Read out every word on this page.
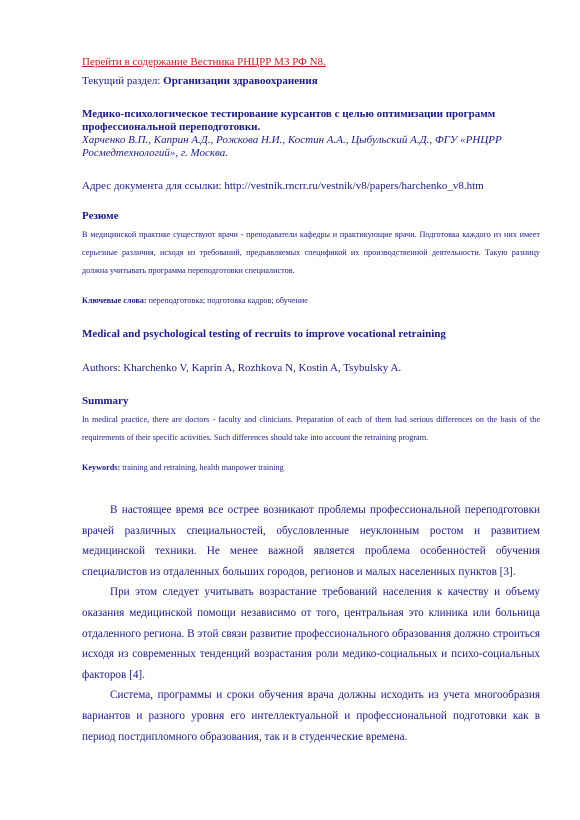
Перейти в содержание Вестника РНЦРР МЗ РФ N8.
Текущий раздел: Организации здравоохранения
Медико-психологическое тестирование курсантов с целью оптимизации программ профессиональной переподготовки.
Харченко В.П., Каприн А.Д., Рожкова Н.И., Костин А.А., Цыбульский А.Д., ФГУ «РНЦРР Росмедтехнологий», г. Москва.
Адрес документа для ссылки: http://vestnik.rncrr.ru/vestnik/v8/papers/harchenko_v8.htm
Резюме
В медицинской практике существуют врачи - преподаватели кафедры и практикующие врачи. Подготовка каждого из них имеет серьезные различия, исходя из требований, предъявляемых спецификой их производственной деятельности. Такую разницу должна учитывать программа переподготовки специалистов.
Ключевые слова: переподготовка; подготовка кадров; обучение
Medical and psychological testing of recruits to improve vocational retraining
Authors: Kharchenko V, Kaprin A, Rozhkova N, Kostin A, Tsybulsky A.
Summary
In medical practice, there are doctors - faculty and clinicians. Preparation of each of them had serious differences on the basis of the requirements of their specific activities. Such differences should take into account the retraining program.
Keywords: training and retraining, health manpower training

В настоящее время все острее возникают проблемы профессиональной переподготовки врачей различных специальностей, обусловленные неуклонным ростом и развитием медицинской техники. Не менее важной является проблема особенностей обучения специалистов из отдаленных больших городов, регионов и малых населенных пунктов [3].

При этом следует учитывать возрастание требований населения к качеству и объему оказания медицинской помощи независимо от того, центральная это клиника или больница отдаленного региона. В этой связи развитие профессионального образования должно строиться исходя из современных тенденций возрастания роли медико-социальных и психо-социальных факторов [4].

Система, программы и сроки обучения врача должны исходить из учета многообразия вариантов и разного уровня его интеллектуальной и профессиональной подготовки как в период постдипломного образования, так и в студенческие времена.
